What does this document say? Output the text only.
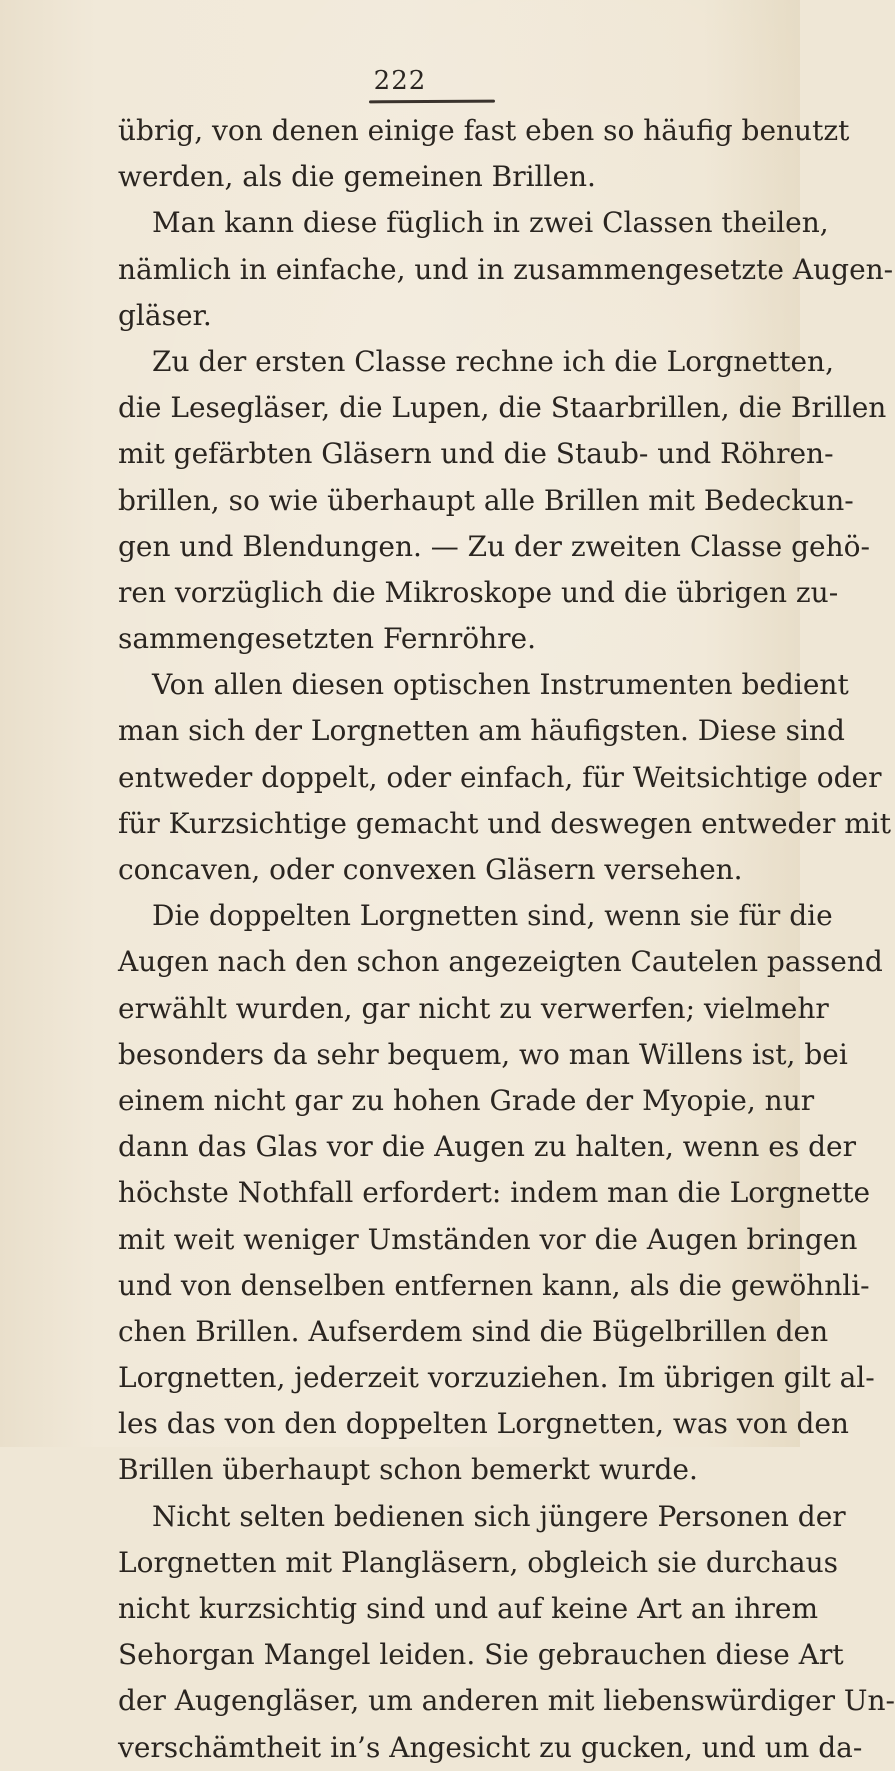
222
übrig, von denen einige fast eben so häufig benutzt
werden, als die gemeinen Brillen.
Man kann diese füglich in zwei Classen theilen,
nämlich in einfache, und in zusammengesetzte Augen-
gläser.
Zu der ersten Classe rechne ich die Lorgnetten,
die Lesegläser, die Lupen, die Staarbrillen, die Brillen
mit gefärbten Gläsern und die Staub- und Röhren-
brillen, so wie überhaupt alle Brillen mit Bedeckun-
gen und Blendungen. — Zu der zweiten Classe gehö-
ren vorzüglich die Mikroskope und die übrigen zu-
sammengesetzten Fernröhre.
Von allen diesen optischen Instrumenten bedient
man sich der Lorgnetten am häufigsten. Diese sind
entweder doppelt, oder einfach, für Weitsichtige oder
für Kurzsichtige gemacht und deswegen entweder mit
concaven, oder convexen Gläsern versehen.
Die doppelten Lorgnetten sind, wenn sie für die
Augen nach den schon angezeigten Cautelen passend
erwählt wurden, gar nicht zu verwerfen; vielmehr
besonders da sehr bequem, wo man Willens ist, bei
einem nicht gar zu hohen Grade der Myopie, nur
dann das Glas vor die Augen zu halten, wenn es der
höchste Nothfall erfordert: indem man die Lorgnette
mit weit weniger Umständen vor die Augen bringen
und von denselben entfernen kann, als die gewöhnli-
chen Brillen. Aufserdem sind die Bügelbrillen den
Lorgnetten, jederzeit vorzuziehen. Im übrigen gilt al-
les das von den doppelten Lorgnetten, was von den
Brillen überhaupt schon bemerkt wurde.
Nicht selten bedienen sich jüngere Personen der
Lorgnetten mit Plangläsern, obgleich sie durchaus
nicht kurzsichtig sind und auf keine Art an ihrem
Sehorgan Mangel leiden. Sie gebrauchen diese Art
der Augengläser, um anderen mit liebenswürdiger Un-
verschämtheit in’s Angesicht zu gucken, und um da-
